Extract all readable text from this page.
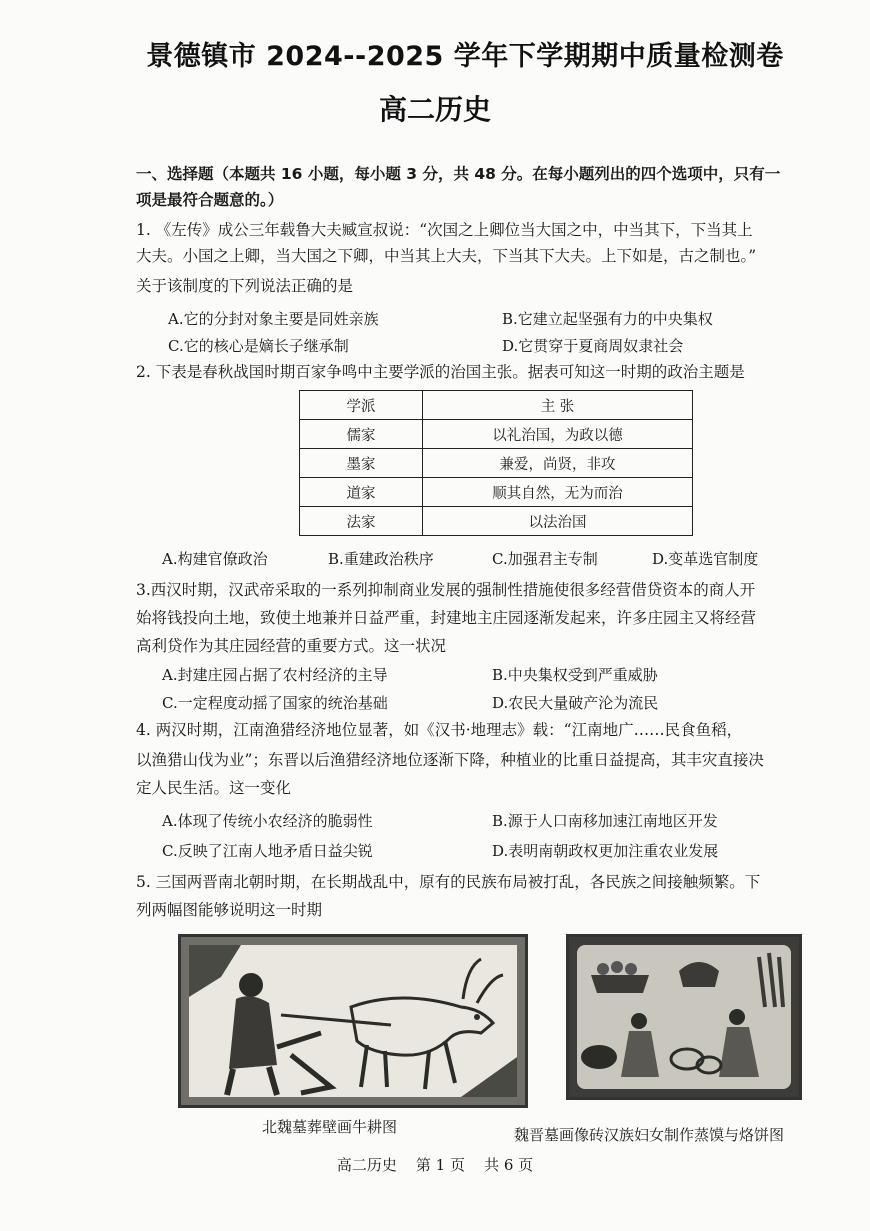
景德镇市 2024--2025 学年下学期期中质量检测卷
高二历史
一、选择题（本题共 16 小题，每小题 3 分，共 48 分。在每小题列出的四个选项中，只有一
项是最符合题意的。）
1. 《左传》成公三年载鲁大夫臧宣叔说：“次国之上卿位当大国之中，中当其下，下当其上
大夫。小国之上卿，当大国之下卿，中当其上大夫，下当其下大夫。上下如是，古之制也。”
关于该制度的下列说法正确的是
A.它的分封对象主要是同姓亲族	B.它建立起坚强有力的中央集权
C.它的核心是嫡长子继承制	D.它贯穿于夏商周奴隶社会
2. 下表是春秋战国时期百家争鸣中主要学派的治国主张。据表可知这一时期的政治主题是
学派	主 张
儒家	以礼治国，为政以德
墨家	兼爱，尚贤，非攻
道家	顺其自然，无为而治
法家	以法治国
A.构建官僚政治	B.重建政治秩序	C.加强君主专制	D.变革选官制度
3.西汉时期，汉武帝采取的一系列抑制商业发展的强制性措施使很多经营借贷资本的商人开
始将钱投向土地，致使土地兼并日益严重，封建地主庄园逐渐发起来，许多庄园主又将经营
高利贷作为其庄园经营的重要方式。这一状况
A.封建庄园占据了农村经济的主导	B.中央集权受到严重威胁
C.一定程度动摇了国家的统治基础	D.农民大量破产沦为流民
4. 两汉时期，江南渔猎经济地位显著，如《汉书·地理志》载：“江南地广……民食鱼稻，
以渔猎山伐为业”；东晋以后渔猎经济地位逐渐下降，种植业的比重日益提高，其丰灾直接决
定人民生活。这一变化
A.体现了传统小农经济的脆弱性	B.源于人口南移加速江南地区开发
C.反映了江南人地矛盾日益尖锐	D.表明南朝政权更加注重农业发展
5. 三国两晋南北朝时期，在长期战乱中，原有的民族布局被打乱，各民族之间接触频繁。下
列两幅图能够说明这一时期
北魏墓葬壁画牛耕图	魏晋墓画像砖汉族妇女制作蒸馍与烙饼图
高二历史 第 1 页 共 6 页
